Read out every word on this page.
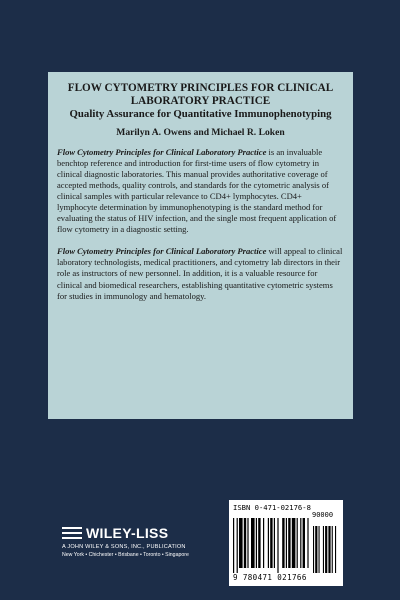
FLOW CYTOMETRY PRINCIPLES FOR CLINICAL LABORATORY PRACTICE

Quality Assurance for Quantitative Immunophenotyping

Marilyn A. Owens and Michael R. Loken

Flow Cytometry Principles for Clinical Laboratory Practice is an invaluable benchtop reference and introduction for first-time users of flow cytometry in clinical diagnostic laboratories. This manual provides authoritative coverage of accepted methods, quality controls, and standards for the cytometric analysis of clinical samples with particular relevance to CD4+ lymphocytes. CD4+ lymphocyte determination by immunophenotyping is the standard method for evaluating the status of HIV infection, and the single most frequent application of flow cytometry in a diagnostic setting.

Flow Cytometry Principles for Clinical Laboratory Practice will appeal to clinical laboratory technologists, medical practitioners, and cytometry lab directors in their role as instructors of new personnel. In addition, it is a valuable resource for clinical and biomedical researchers, establishing quantitative cytometric systems for studies in immunology and hematology.

WILEY-LISS
A JOHN WILEY & SONS, INC., PUBLICATION
New York • Chichester • Brisbane • Toronto • Singapore

ISBN 0-471-02176-8

90000
9 780471 021766
